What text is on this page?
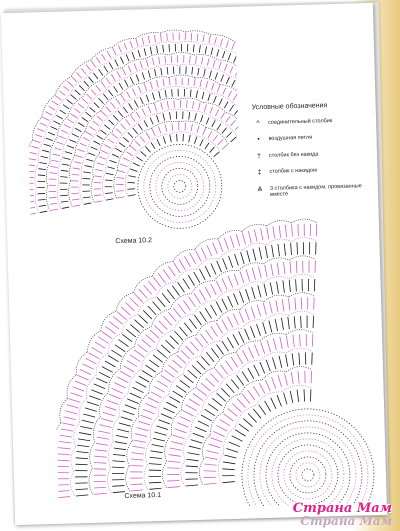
Схема 10.2
Условные обозначения
^	соединительный столбик
•	воздушная петля
†	столбик без накида
‡	столбик с накидом
Ѧ	3 столбика с накидом, провязанные вместе
Схема 10.1
Страна Мам
Страна Мам
